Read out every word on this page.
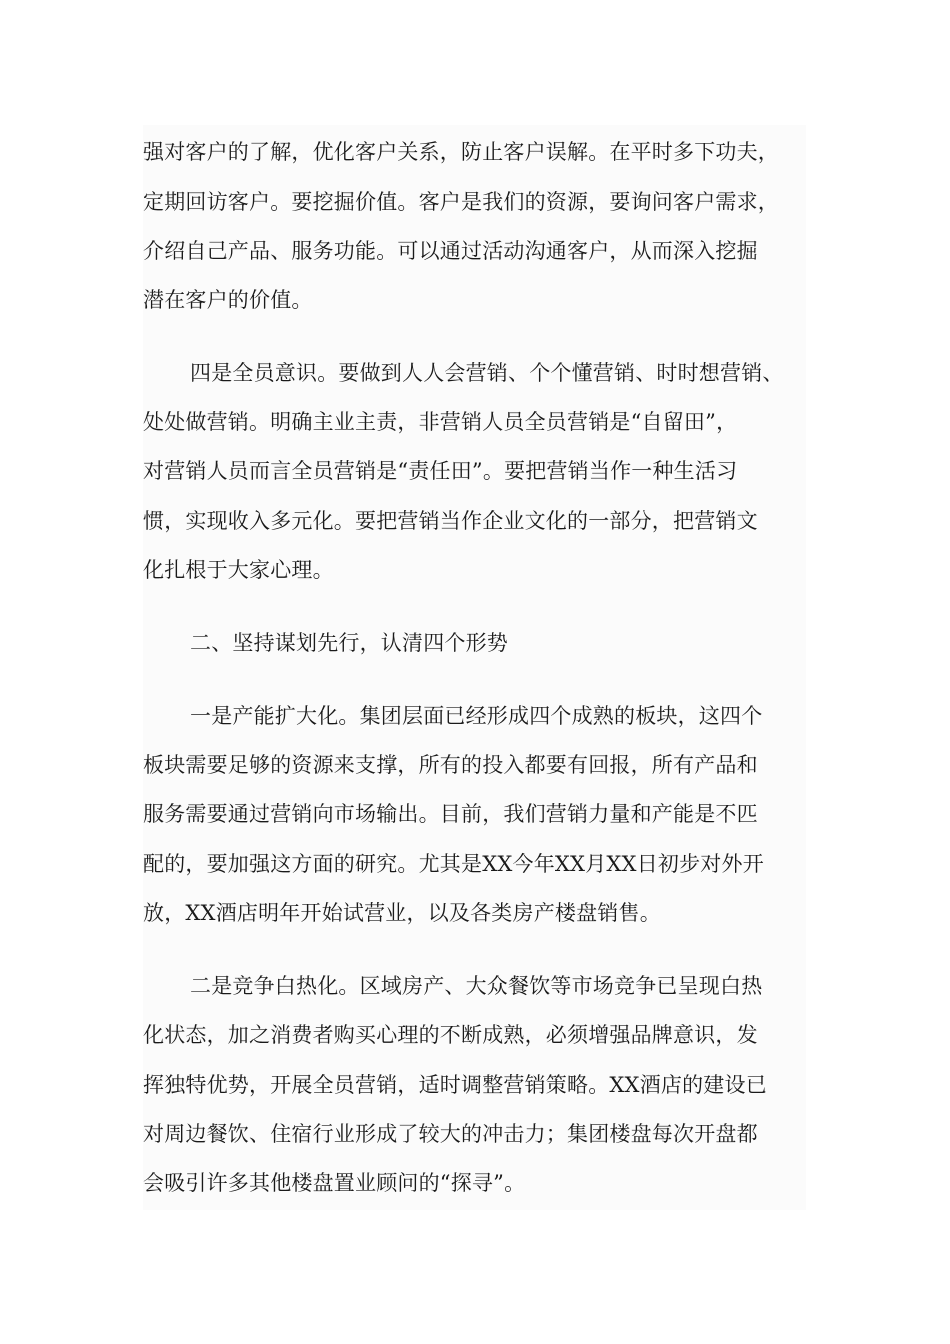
强对客户的了解，优化客户关系，防止客户误解。在平时多下功夫，
定期回访客户。要挖掘价值。客户是我们的资源，要询问客户需求，
介绍自己产品、服务功能。可以通过活动沟通客户，从而深入挖掘
潜在客户的价值。
四是全员意识。要做到人人会营销、个个懂营销、时时想营销、
处处做营销。明确主业主责，非营销人员全员营销是“自留田”，
对营销人员而言全员营销是“责任田”。要把营销当作一种生活习
惯，实现收入多元化。要把营销当作企业文化的一部分，把营销文
化扎根于大家心理。
二、坚持谋划先行，认清四个形势
一是产能扩大化。集团层面已经形成四个成熟的板块，这四个
板块需要足够的资源来支撑，所有的投入都要有回报，所有产品和
服务需要通过营销向市场输出。目前，我们营销力量和产能是不匹
配的，要加强这方面的研究。尤其是XX今年XX月XX日初步对外开
放，XX酒店明年开始试营业，以及各类房产楼盘销售。
二是竞争白热化。区域房产、大众餐饮等市场竞争已呈现白热
化状态，加之消费者购买心理的不断成熟，必须增强品牌意识，发
挥独特优势，开展全员营销，适时调整营销策略。XX酒店的建设已
对周边餐饮、住宿行业形成了较大的冲击力；集团楼盘每次开盘都
会吸引许多其他楼盘置业顾问的“探寻”。
